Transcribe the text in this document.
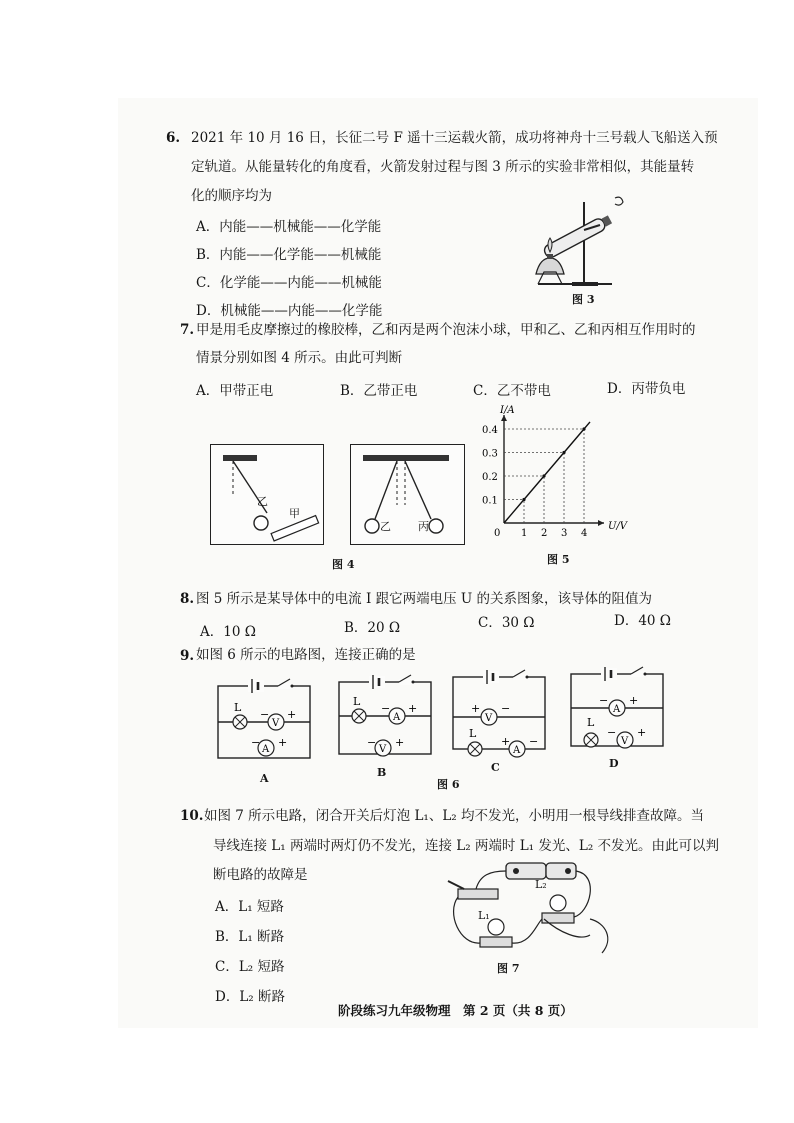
6. 2021 年 10 月 16 日，长征二号 F 遥十三运载火箭，成功将神舟十三号载人飞船送入预
定轨道。从能量转化的角度看，火箭发射过程与图 3 所示的实验非常相似，其能量转
化的顺序均为
A．内能——机械能——化学能
B．内能——化学能——机械能
C．化学能——内能——机械能
D．机械能——内能——化学能
图 3
7. 甲是用毛皮摩擦过的橡胶棒，乙和丙是两个泡沫小球，甲和乙、乙和丙相互作用时的
情景分别如图 4 所示。由此可判断
A．甲带正电	B．乙带正电	C．乙不带电	D．丙带负电
乙
甲
乙 丙
图 4
1 2 3 4
0.1
0.2
0.3
0.4
0
U/V
I/A
图 5
8. 图 5 所示是某导体中的电流 I 跟它两端电压 U 的关系图象，该导体的阻值为
A．10 Ω	B．20 Ω	C．30 Ω	D．40 Ω
9. 如图 6 所示的电路图，连接正确的是
V
+
−
L
A
+
−
A
A
+
−
L
V
+
−
B
V
+ −
L
A
+ −
C
A
− +
L
V
− +
D
图 6
10. 如图 7 所示电路，闭合开关后灯泡 L₁、L₂ 均不发光，小明用一根导线排查故障。当
导线连接 L₁ 两端时两灯仍不发光，连接 L₂ 两端时 L₁ 发光、L₂ 不发光。由此可以判
断电路的故障是
A．L₁ 短路
B．L₁ 断路
C．L₂ 短路
D．L₂ 断路
L₂
L₁
图 7
阶段练习九年级物理　第 2 页（共 8 页）
